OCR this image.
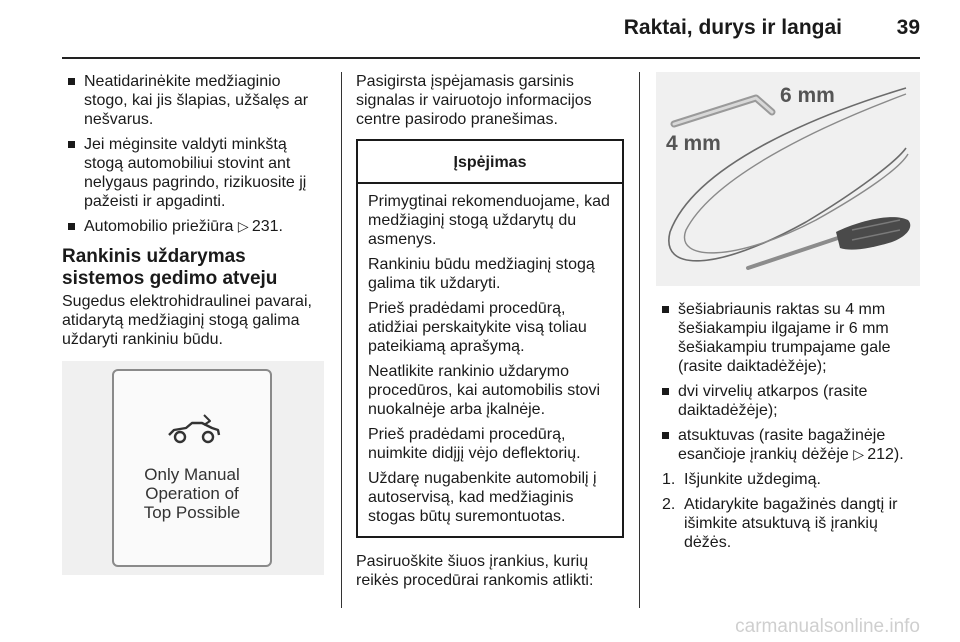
Raktai, durys ir langai	39
Neatidarinėkite medžiaginio stogo, kai jis šlapias, užšalęs ar nešvarus.
Jei mėginsite valdyti minkštą stogą automobiliui stovint ant nelygaus pagrindo, rizikuosite jį pažeisti ir apgadinti.
Automobilio priežiūra ▷  231.
Rankinis uždarymas sistemos gedimo atveju

Sugedus elektrohidraulinei pavarai, atidarytą medžiaginį stogą galima uždaryti rankiniu būdu.

Only Manual
Operation of
Top Possible

Pasigirsta įspėjamasis garsinis signalas ir vairuotojo informacijos centre pasirodo pranešimas.

Įspėjimas

Primygtinai rekomenduojame, kad medžiaginį stogą uždarytų du asmenys.

Rankiniu būdu medžiaginį stogą galima tik uždaryti.

Prieš pradėdami procedūrą, atidžiai perskaitykite visą toliau pateikiamą aprašymą.

Neatlikite rankinio uždarymo procedūros, kai automobilis stovi nuokalnėje arba įkalnėje.

Prieš pradėdami procedūrą, nuimkite didįjį vėjo deflektorių.

Uždarę nugabenkite automobilį į autoservisą, kad medžiaginis stogas būtų suremontuotas.

Pasiruoškite šiuos įrankius, kurių reikės procedūrai rankomis atlikti:

6 mm
4 mm
šešiabriaunis raktas su 4 mm šešiakampiu ilgajame ir 6 mm šešiakampiu trumpajame gale (rasite daiktadėžėje);
dvi virvelių atkarpos (rasite daiktadėžėje);
atsuktuvas (rasite bagažinėje esančioje įrankių dėžėje ▷  212).
1. Išjunkite uždegimą.
2. Atidarykite bagažinės dangtį ir išimkite atsuktuvą iš įrankių dėžės.
carmanualsonline.info
